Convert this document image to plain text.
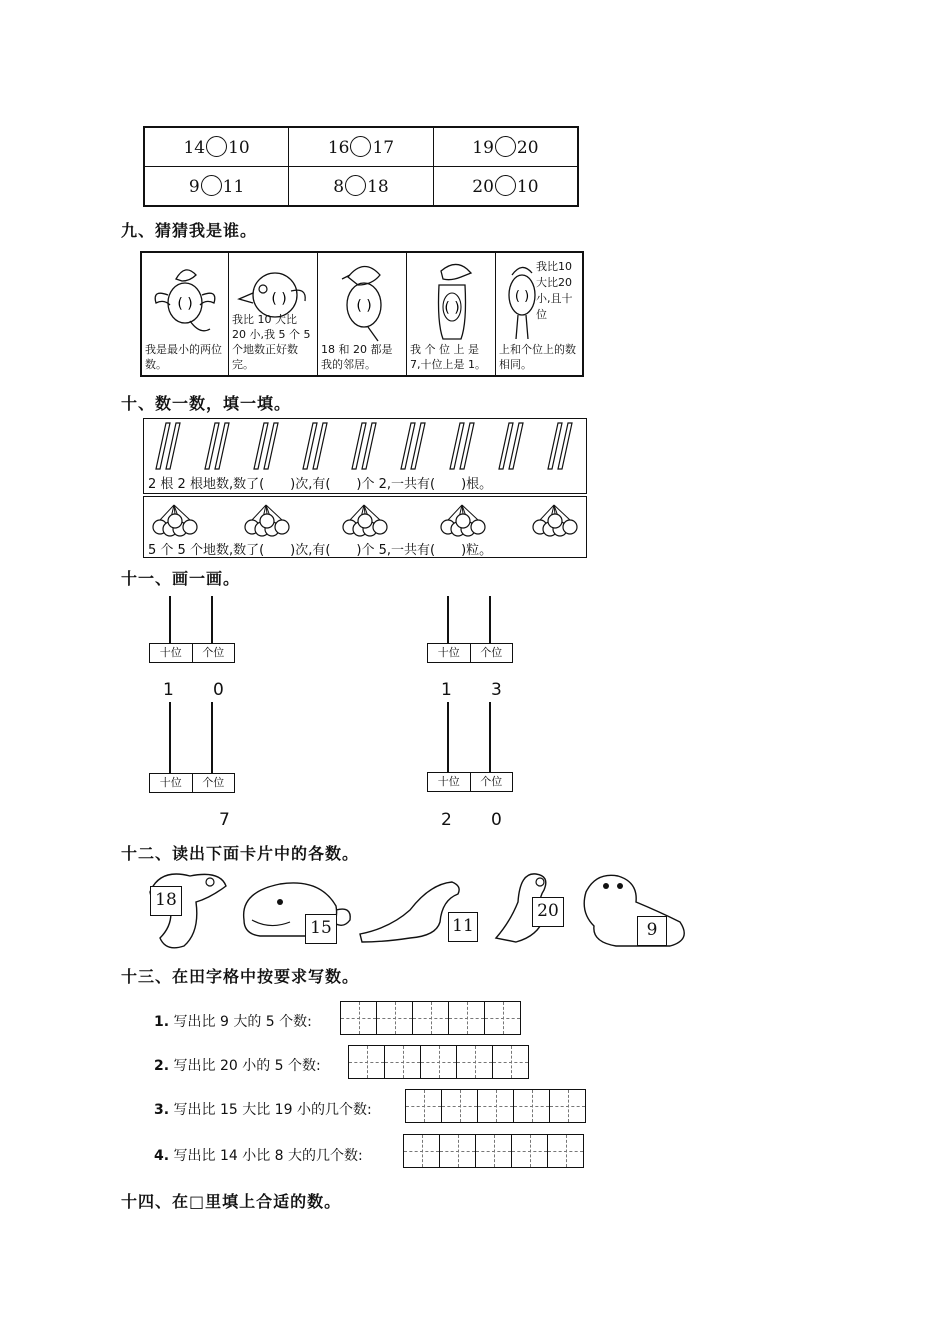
14 10	16 17	19 20
9 11	8 18	20 10
九、猜猜我是谁。
( )
我是最小的两位数。
( )
我比 10 大比 20 小,我 5 个 5 个地数正好数完。
( )
18 和 20 都是我的邻居。
( )
我 个 位 上 是 7,十位上是 1。
( )
我比10大比20小,且十位
上和个位上的数相同。
十、数一数，填一填。
2 根 2 根地数,数了(　　)次,有(　　)个 2,一共有(　　)根。
5 个 5 个地数,数了(　　)次,有(　　)个 5,一共有(　　)粒。
十一、画一画。
十位	个位
1 0
十位	个位
1 3
十位	个位
7
十位	个位
2 0
十二、读出下面卡片中的各数。
18
15	11
20
9
十三、在田字格中按要求写数。
1. 写出比 9 大的 5 个数:
2. 写出比 20 小的 5 个数:
3. 写出比 15 大比 19 小的几个数:
4. 写出比 14 小比 8 大的几个数:
十四、在□里填上合适的数。
